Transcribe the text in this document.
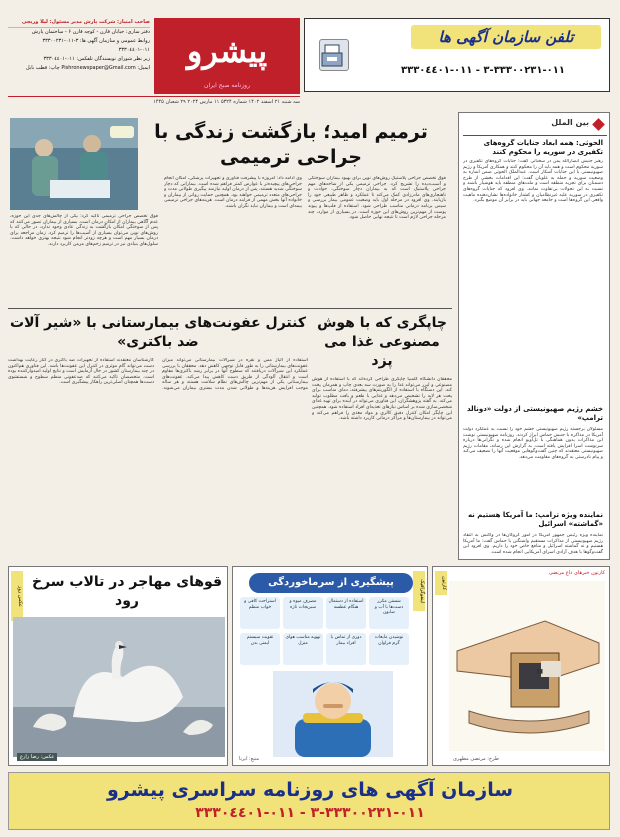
تلفن سازمان آگهی ها
٠١١-٣٣٣٠٠٢٣١-٣ - ٠١١-٣٣٣٠٤٤٠١
پیشرو
روزنامه صبح ایران
صاحب امتیاز: شرکت پارش مدیر مسئول: لیلا وریجی
دفتر ساری: خیابان قارن - کوچه قارن ۶ - ساختمان پارش
روابط عمومی و سازمان آگهی ها: ۳-٠١١-٣٣٣٠٠٢٣١
٠١١-٣٣٣٠٤٤٠١
زیر نظر شورای نویسندگان تلفکس: ٠١١-٣٣٣٠٤٤٠١
ایمیل: Pishronewspaper@Gmail.com چاپ: قطب بابل
سه شنبه ۲۱ اسفند ۱۴۰۲ شماره ۵۳۲۴ ۱۱ مارس ۲۰۲۴ ۲۹ شعبان ۱۴۴۵
بین الملل
الحوثی: همه ابعاد جنایات گروه‌های تکفیری در سوریه را محکوم کنند
رهبر جنبش انصارالله یمن در سخنانی گفت: جنایات گروه‌های تکفیری در سوریه محکوم است و همه باید آن را محکوم کنند و همکاری آمریکا و رژیم صهیونیستی با این جنایات آشکار است. عبدالملک الحوثی ضمن اشاره به وضعیت سوریه و حمله به علویان گفت: این اقدامات بخشی از طرح دشمنان برای تجزیه منطقه است و ملت‌های منطقه باید هوشیار باشند و نسبت به این تحولات بی‌تفاوت نمانند. وی افزود که جنایات گروه‌های تکفیری در سوریه علیه غیرنظامیان و کشتار خانواده‌ها نشان‌دهنده ماهیت واقعی این گروه‌ها است و جامعه جهانی باید در برابر آن موضع بگیرد.
خشم رژیم صهیونیستی از دولت «دونالد ترامپ»
مسئولان برجسته رژیم صهیونیستی خشم خود را نسبت به عملکرد دولت آمریکا در مذاکره با جنبش حماس ابراز کردند. روزنامه صهیونیستی نوشت این مذاکرات بدون هماهنگی با تل‌آویو انجام شده و نگرانی‌ها درباره سرنوشت اسرا افزایش یافته است. به گزارش این رسانه، مقامات رژیم صهیونیستی معتقدند که چنین گفت‌وگوهایی موقعیت آنها را تضعیف می‌کند و پیام نادرستی به گروه‌های مقاومت می‌دهد.
نماینده ویژه ترامپ: ما آمریکا هستیم نه «گماشته» اسرائیل
نماینده ویژه رئیس جمهور آمریکا در امور گروگان‌ها در واکنش به انتقاد رژیم صهیونیستی از مذاکرات مستقیم واشنگتن با حماس گفت: ما آمریکا هستیم و نه گماشته اسرائیل و منافع خاص خود را داریم. وی افزود این گفت‌وگوها با هدف آزادی اسرای آمریکایی انجام شده است.
ترمیم امید؛ بازگشت زندگی با جراحی ترمیمی
فوق تخصص جراحی پلاستیک روش‌های نوین برای بهبود بیماران سوختگی و آسیب‌دیده را تشریح کرد. جراحی ترمیمی یکی از شاخه‌های مهم جراحی پلاستیک است که به بیماران دچار سوختگی، حوادث و ناهنجاری‌های مادرزادی کمک می‌کند تا عملکرد و ظاهر طبیعی خود را بازیابند. وی افزود در مرحله اول باید وضعیت عمومی بیمار بررسی و سپس برنامه درمانی مناسب طراحی شود. استفاده از فلپ‌ها و پیوند پوست از مهم‌ترین روش‌های این حوزه است. در بسیاری از موارد، چند مرحله جراحی لازم است تا نتیجه نهایی حاصل شود.
وی ادامه داد: امروزه با پیشرفت فناوری و تجهیزات پزشکی، امکان انجام جراحی‌های پیچیده‌تر با عوارض کمتر فراهم شده است. بیمارانی که دچار سوختگی شدید هستند، پس از درمان اولیه نیازمند پیگیری طولانی مدت و جراحی‌های متعدد ترمیمی خواهند بود. همچنین حمایت روانی از بیماران و خانواده آنها بخش مهمی از فرایند درمان است. هزینه‌های جراحی ترمیمی بیمه‌ای است و بیماران نباید نگران باشند.
فوق تخصص جراحی ترمیمی تاکید کرد: یکی از چالش‌های جدی این حوزه، عدم آگاهی بیماران از امکان درمان است. بسیاری از بیماران تصور می‌کنند که پس از سوختگی امکان بازگشت به زندگی عادی وجود ندارد، در حالی که با روش‌های نوین می‌توان بسیاری از آسیب‌ها را ترمیم کرد. زمان مراجعه برای درمان بسیار مهم است و هرچه زودتر انجام شود نتیجه بهتری خواهد داشت. سلول‌های بنیادی نیز در ترمیم زخم‌های مزمن کاربرد دارند.
چاپگری که با هوش مصنوعی غذا می پزد
محققان دانشگاه کلمبیا چاپگری طراحی کرده‌اند که با استفاده از هوش مصنوعی و لیزر می‌تواند غذا را به صورت سه بعدی چاپ و همزمان پخت کند. این دستگاه با استفاده از الگوریتم‌های پیشرفته، دمای مناسب برای پخت هر لایه را تشخیص می‌دهد و غذایی با طعم و بافت مطلوب تولید می‌کند. به گفته پژوهشگران، این فناوری می‌تواند در آینده برای تهیه غذای شخصی‌سازی شده بر اساس نیازهای تغذیه‌ای افراد استفاده شود. همچنین این چاپگر امکان کنترل دقیق کالری و مواد مغذی را فراهم می‌کند و می‌تواند در بیمارستان‌ها و مراکز درمانی کاربرد داشته باشد.
کنترل عفونت‌های بیمارستانی با «شیر آلات ضد باکتری»
استفاده از آلیاژ مس و نقره در شیرآلات بیمارستانی می‌تواند میزان عفونت‌های بیمارستانی را به طور قابل توجهی کاهش دهد. محققان با بررسی عملکرد این شیرآلات دریافتند که سطوح آنها در برابر رشد باکتری‌ها مقاوم است و انتقال آلودگی از طریق دست کاهش پیدا می‌کند. عفونت‌های بیمارستانی یکی از مهم‌ترین چالش‌های نظام سلامت هستند و هر ساله موجب افزایش هزینه‌ها و طولانی شدن مدت بستری بیماران می‌شوند. کارشناسان معتقدند استفاده از تجهیزات ضد باکتری در کنار رعایت بهداشت دست می‌تواند گام موثری در کنترل این عفونت‌ها باشد. این فناوری هم‌اکنون در چند بیمارستان کشور در حال آزمایش است و نتایج اولیه امیدوارکننده بوده است. متخصصان تاکید می‌کنند که ضدعفونی منظم سطوح و شستشوی دست‌ها همچنان اصلی‌ترین راهکار پیشگیری است.
کارتون خبرهای داغ مرتضی
کارتون
▮▮
طرح: مرتضی مطهری
اینفوگرافیک
پیشگیری از سرماخوردگی
شستن مکرر دست‌ها با آب و صابون
استفاده از دستمال هنگام عطسه
مصرف میوه و سبزیجات تازه
استراحت کافی و خواب منظم
نوشیدن مایعات گرم فراوان
دوری از تماس با افراد بیمار
تهویه مناسب هوای منزل
تقویت سیستم ایمنی بدن
منبع: ایرنا
عکس روز
قوهای مهاجر در تالاب سرخ رود
عکس: رضا زارع
سازمان آگهی های روزنامه سراسری پیشرو
٠١١-٣٣٣٠٠٢٣١-٣ - ٠١١-٣٣٣٠٤٤٠١
